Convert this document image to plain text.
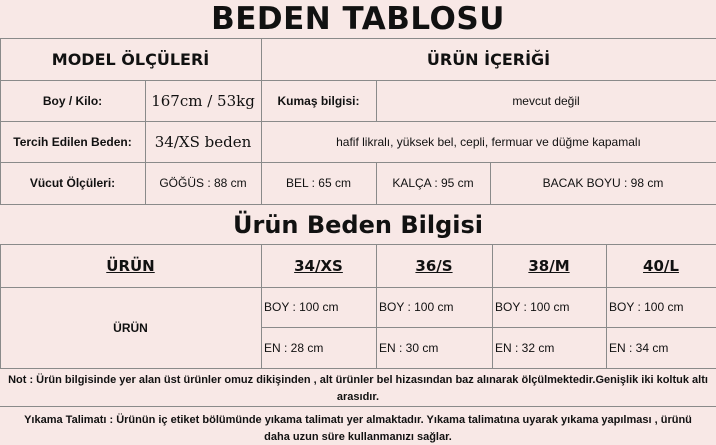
BEDEN TABLOSU
MODEL ÖLÇÜLERİ	ÜRÜN İÇERİĞİ
Boy / Kilo:	167cm / 53kg	Kumaş bilgisi:	mevcut değil
Tercih Edilen Beden:	34/XS beden	hafif likralı, yüksek bel, cepli, fermuar ve düğme kapamalı
Vücut Ölçüleri:	GÖĞÜS : 88 cm	BEL : 65 cm	KALÇA : 95 cm	BACAK BOYU : 98 cm
Ürün Beden Bilgisi
ÜRÜN	34/XS	36/S	38/M	40/L
ÜRÜN
BOY : 100 cm	BOY : 100 cm	BOY : 100 cm	BOY : 100 cm
EN : 28 cm	EN : 30 cm	EN : 32 cm	EN : 34 cm
Not : Ürün bilgisinde yer alan üst ürünler omuz dikişinden , alt ürünler bel hizasından baz alınarak ölçülmektedir.Genişlik iki koltuk altı
arasıdır.
Yıkama Talimatı : Ürünün iç etiket bölümünde yıkama talimatı yer almaktadır. Yıkama talimatına uyarak yıkama yapılması , ürünü
daha uzun süre kullanmanızı sağlar.
